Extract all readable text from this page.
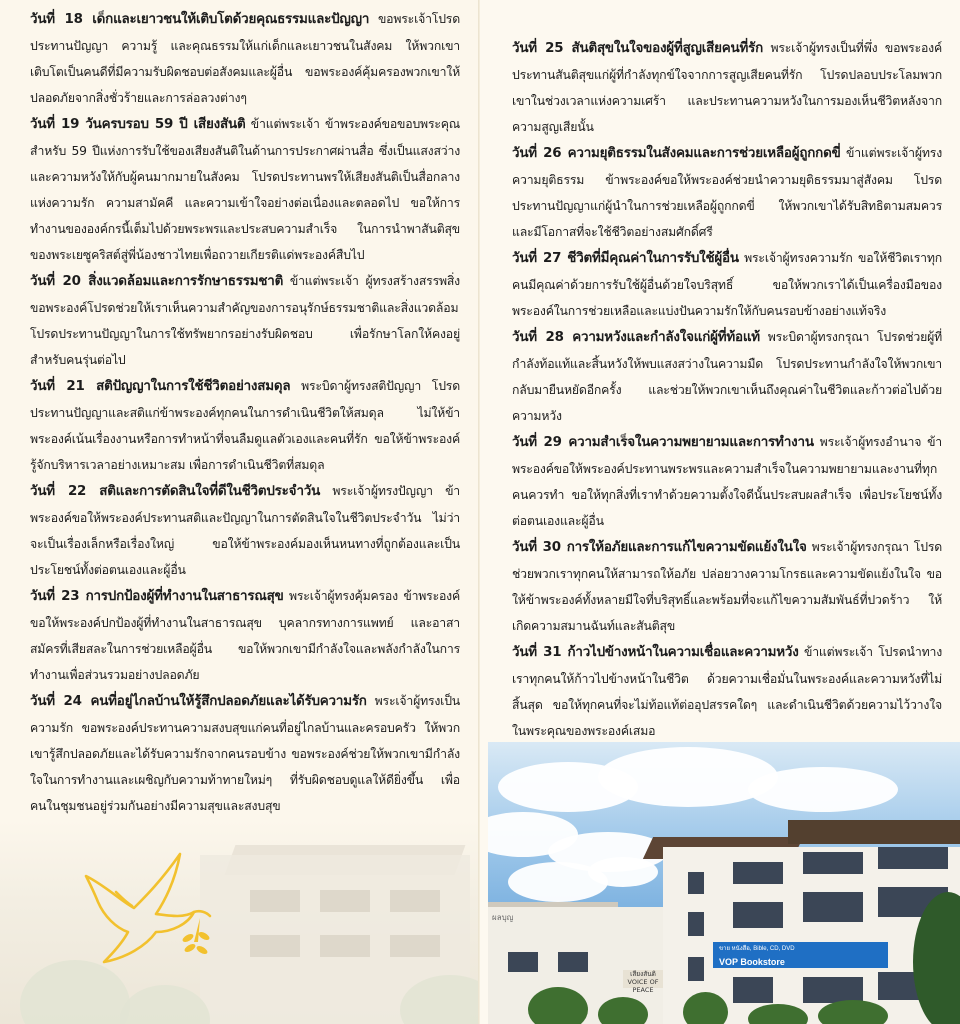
วันที่ 18 เด็กและเยาวชนให้เติบโตด้วยคุณธรรมและปัญญา ขอพระเจ้าโปรดประทานปัญญา ความรู้ และคุณธรรมให้แก่เด็กและเยาวชนในสังคม ให้พวกเขาเติบโตเป็นคนดีที่มีความรับผิดชอบต่อสังคมและผู้อื่น ขอพระองค์คุ้มครองพวกเขาให้ปลอดภัยจากสิ่งชั่วร้ายและการล่อลวงต่างๆ

วันที่ 19 วันครบรอบ 59 ปี เสียงสันติ ข้าแต่พระเจ้า ข้าพระองค์ขอขอบพระคุณสำหรับ 59 ปีแห่งการรับใช้ของเสียงสันติในด้านการประกาศผ่านสื่อ ซึ่งเป็นแสงสว่างและความหวังให้กับผู้คนมากมายในสังคม โปรดประทานพรให้เสียงสันติเป็นสื่อกลางแห่งความรัก ความสามัคคี และความเข้าใจอย่างต่อเนื่องและตลอดไป ขอให้การทำงานขององค์กรนี้เต็มไปด้วยพระพรและประสบความสำเร็จ ในการนำพาสันติสุขของพระเยซูคริสต์สู่พี่น้องชาวไทยเพื่อถวายเกียรติแด่พระองค์สืบไป

วันที่ 20 สิ่งแวดล้อมและการรักษาธรรมชาติ ข้าแต่พระเจ้า ผู้ทรงสร้างสรรพสิ่ง ขอพระองค์โปรดช่วยให้เราเห็นความสำคัญของการอนุรักษ์ธรรมชาติและสิ่งแวดล้อม โปรดประทานปัญญาในการใช้ทรัพยากรอย่างรับผิดชอบ เพื่อรักษาโลกให้คงอยู่สำหรับคนรุ่นต่อไป

วันที่ 21 สติปัญญาในการใช้ชีวิตอย่างสมดุล พระบิดาผู้ทรงสติปัญญา โปรดประทานปัญญาและสติแก่ข้าพระองค์ทุกคนในการดำเนินชีวิตให้สมดุล ไม่ให้ข้าพระองค์เน้นเรื่องงานหรือการทำหน้าที่จนลืมดูแลตัวเองและคนที่รัก ขอให้ข้าพระองค์รู้จักบริหารเวลาอย่างเหมาะสม เพื่อการดำเนินชีวิตที่สมดุล

วันที่ 22 สติและการตัดสินใจที่ดีในชีวิตประจำวัน พระเจ้าผู้ทรงปัญญา ข้าพระองค์ขอให้พระองค์ประทานสติและปัญญาในการตัดสินใจในชีวิตประจำวัน ไม่ว่าจะเป็นเรื่องเล็กหรือเรื่องใหญ่ ขอให้ข้าพระองค์มองเห็นหนทางที่ถูกต้องและเป็นประโยชน์ทั้งต่อตนเองและผู้อื่น

วันที่ 23 การปกป้องผู้ที่ทำงานในสาธารณสุข พระเจ้าผู้ทรงคุ้มครอง ข้าพระองค์ขอให้พระองค์ปกป้องผู้ที่ทำงานในสาธารณสุข บุคลากรทางการแพทย์ และอาสาสมัครที่เสียสละในการช่วยเหลือผู้อื่น ขอให้พวกเขามีกำลังใจและพลังกำลังในการทำงานเพื่อส่วนรวมอย่างปลอดภัย

วันที่ 24 คนที่อยู่ไกลบ้านให้รู้สึกปลอดภัยและได้รับความรัก พระเจ้าผู้ทรงเป็นความรัก ขอพระองค์ประทานความสงบสุขแก่คนที่อยู่ไกลบ้านและครอบครัว ให้พวกเขารู้สึกปลอดภัยและได้รับความรักจากคนรอบข้าง ขอพระองค์ช่วยให้พวกเขามีกำลังใจในการทำงานและเผชิญกับความท้าทายใหม่ๆ ที่รับผิดชอบดูแลให้ดียิ่งขึ้น เพื่อคนในชุมชนอยู่ร่วมกันอย่างมีความสุขและสงบสุข

วันที่ 25 สันติสุขในใจของผู้ที่สูญเสียคนที่รัก พระเจ้าผู้ทรงเป็นที่พึ่ง ขอพระองค์ประทานสันติสุขแก่ผู้ที่กำลังทุกข์ใจจากการสูญเสียคนที่รัก โปรดปลอบประโลมพวกเขาในช่วงเวลาแห่งความเศร้า และประทานความหวังในการมองเห็นชีวิตหลังจากความสูญเสียนั้น

วันที่ 26 ความยุติธรรมในสังคมและการช่วยเหลือผู้ถูกกดขี่ ข้าแต่พระเจ้าผู้ทรงความยุติธรรม ข้าพระองค์ขอให้พระองค์ช่วยนำความยุติธรรมมาสู่สังคม โปรดประทานปัญญาแก่ผู้นำในการช่วยเหลือผู้ถูกกดขี่ ให้พวกเขาได้รับสิทธิตามสมควรและมีโอกาสที่จะใช้ชีวิตอย่างสมศักดิ์ศรี

วันที่ 27 ชีวิตที่มีคุณค่าในการรับใช้ผู้อื่น พระเจ้าผู้ทรงความรัก ขอให้ชีวิตเราทุกคนมีคุณค่าด้วยการรับใช้ผู้อื่นด้วยใจบริสุทธิ์ ขอให้พวกเราได้เป็นเครื่องมือของพระองค์ในการช่วยเหลือและแบ่งปันความรักให้กับคนรอบข้างอย่างแท้จริง

วันที่ 28 ความหวังและกำลังใจแก่ผู้ที่ท้อแท้ พระบิดาผู้ทรงกรุณา โปรดช่วยผู้ที่กำลังท้อแท้และสิ้นหวังให้พบแสงสว่างในความมืด โปรดประทานกำลังใจให้พวกเขากลับมายืนหยัดอีกครั้ง และช่วยให้พวกเขาเห็นถึงคุณค่าในชีวิตและก้าวต่อไปด้วยความหวัง

วันที่ 29 ความสำเร็จในความพยายามและการทำงาน พระเจ้าผู้ทรงอำนาจ ข้าพระองค์ขอให้พระองค์ประทานพระพรและความสำเร็จในความพยายามและงานที่ทุกคนควรทำ ขอให้ทุกสิ่งที่เราทำด้วยความตั้งใจดีนั้นประสบผลสำเร็จ เพื่อประโยชน์ทั้งต่อตนเองและผู้อื่น

วันที่ 30 การให้อภัยและการแก้ไขความขัดแย้งในใจ พระเจ้าผู้ทรงกรุณา โปรดช่วยพวกเราทุกคนให้สามารถให้อภัย ปล่อยวางความโกรธและความขัดแย้งในใจ ขอให้ข้าพระองค์ทั้งหลายมีใจที่บริสุทธิ์และพร้อมที่จะแก้ไขความสัมพันธ์ที่ปวดร้าว ให้เกิดความสมานฉันท์และสันติสุข

วันที่ 31 ก้าวไปข้างหน้าในความเชื่อและความหวัง ข้าแต่พระเจ้า โปรดนำทางเราทุกคนให้ก้าวไปข้างหน้าในชีวิต ด้วยความเชื่อมั่นในพระองค์และความหวังที่ไม่สิ้นสุด ขอให้ทุกคนที่จะไม่ท้อแท้ต่ออุปสรรคใดๆ และดำเนินชีวิตด้วยความไว้วางใจในพระคุณของพระองค์เสมอ

ผลบุญ
ขาย หนังสือ, Bible, CD, DVD
VOP Bookstore
เสียงสันติ VOICE OF PEACE
